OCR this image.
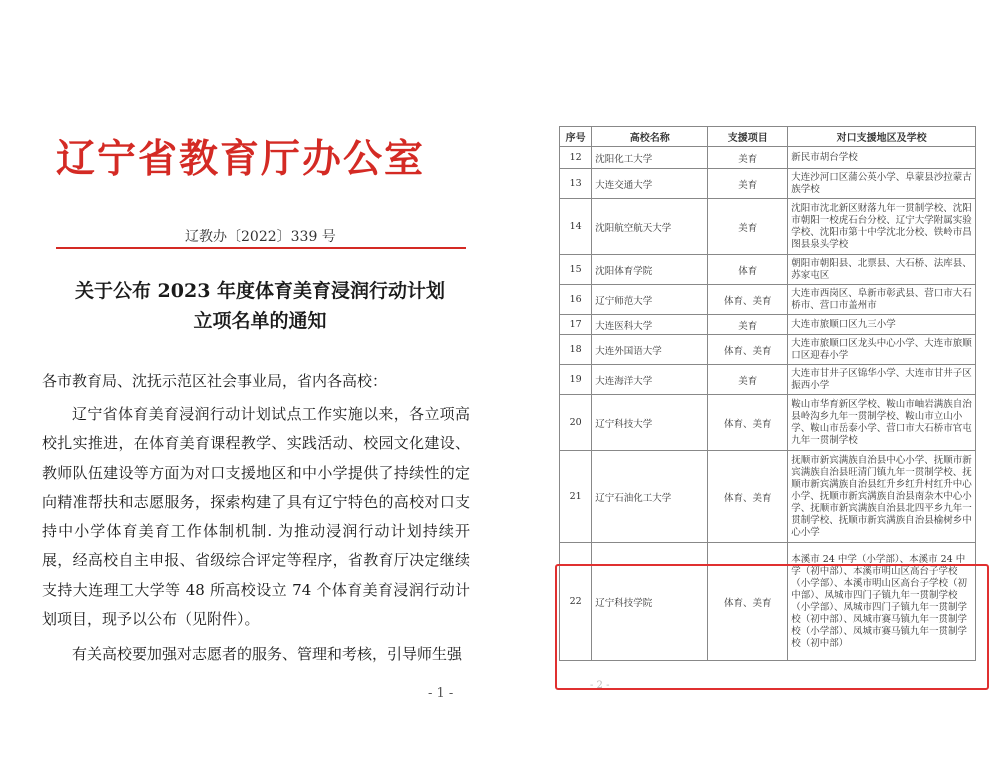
辽宁省教育厅办公室
辽教办〔2022〕339 号
关于公布 2023 年度体育美育浸润行动计划
立项名单的通知
各市教育局、沈抚示范区社会事业局，省内各高校：

辽宁省体育美育浸润行动计划试点工作实施以来，各立项高校扎实推进，在体育美育课程教学、实践活动、校园文化建设、教师队伍建设等方面为对口支援地区和中小学提供了持续性的定向精准帮扶和志愿服务，探索构建了具有辽宁特色的高校对口支持中小学体育美育工作体制机制. 为推动浸润行动计划持续开展，经高校自主申报、省级综合评定等程序，省教育厅决定继续支持大连理工大学等 48 所高校设立 74 个体育美育浸润行动计划项目，现予以公布（见附件）。

有关高校要加强对志愿者的服务、管理和考核，引导师生强

- 1 -
序号	高校名称	支援项目	对口支援地区及学校
12	沈阳化工大学	美育	新民市胡台学校
13	大连交通大学	美育	大连沙河口区蒲公英小学、阜蒙县沙拉蒙古族学校
14	沈阳航空航天大学	美育	沈阳市沈北新区财落九年一贯制学校、沈阳市朝阳一校虎石台分校、辽宁大学附属实验学校、沈阳市第十中学沈北分校、铁岭市昌图县泉头学校
15	沈阳体育学院	体育	朝阳市朝阳县、北票县、大石桥、法库县、苏家屯区
16	辽宁师范大学	体育、美育	大连市西岗区、阜新市彰武县、营口市大石桥市、营口市盖州市
17	大连医科大学	美育	大连市旅顺口区九三小学
18	大连外国语大学	体育、美育	大连市旅顺口区龙头中心小学、大连市旅顺口区迎春小学
19	大连海洋大学	美育	大连市甘井子区锦华小学、大连市甘井子区振西小学
20	辽宁科技大学	体育、美育	鞍山市华育新区学校、鞍山市岫岩满族自治县岭沟乡九年一贯制学校、鞍山市立山小学、鞍山市岳泰小学、营口市大石桥市官屯九年一贯制学校
21	辽宁石油化工大学	体育、美育	抚顺市新宾满族自治县中心小学、抚顺市新宾满族自治县旺清门镇九年一贯制学校、抚顺市新宾满族自治县红升乡红升村红升中心小学、抚顺市新宾满族自治县南杂木中心小学、抚顺市新宾满族自治县北四平乡九年一贯制学校、抚顺市新宾满族自治县榆树乡中心小学
22	辽宁科技学院	体育、美育	本溪市 24 中学（小学部）、本溪市 24 中学（初中部）、本溪市明山区高台子学校（小学部）、本溪市明山区高台子学校（初中部）、凤城市四门子镇九年一贯制学校（小学部）、凤城市四门子镇九年一贯制学校（初中部）、凤城市赛马镇九年一贯制学校（小学部）、凤城市赛马镇九年一贯制学校（初中部）
- 2 -
